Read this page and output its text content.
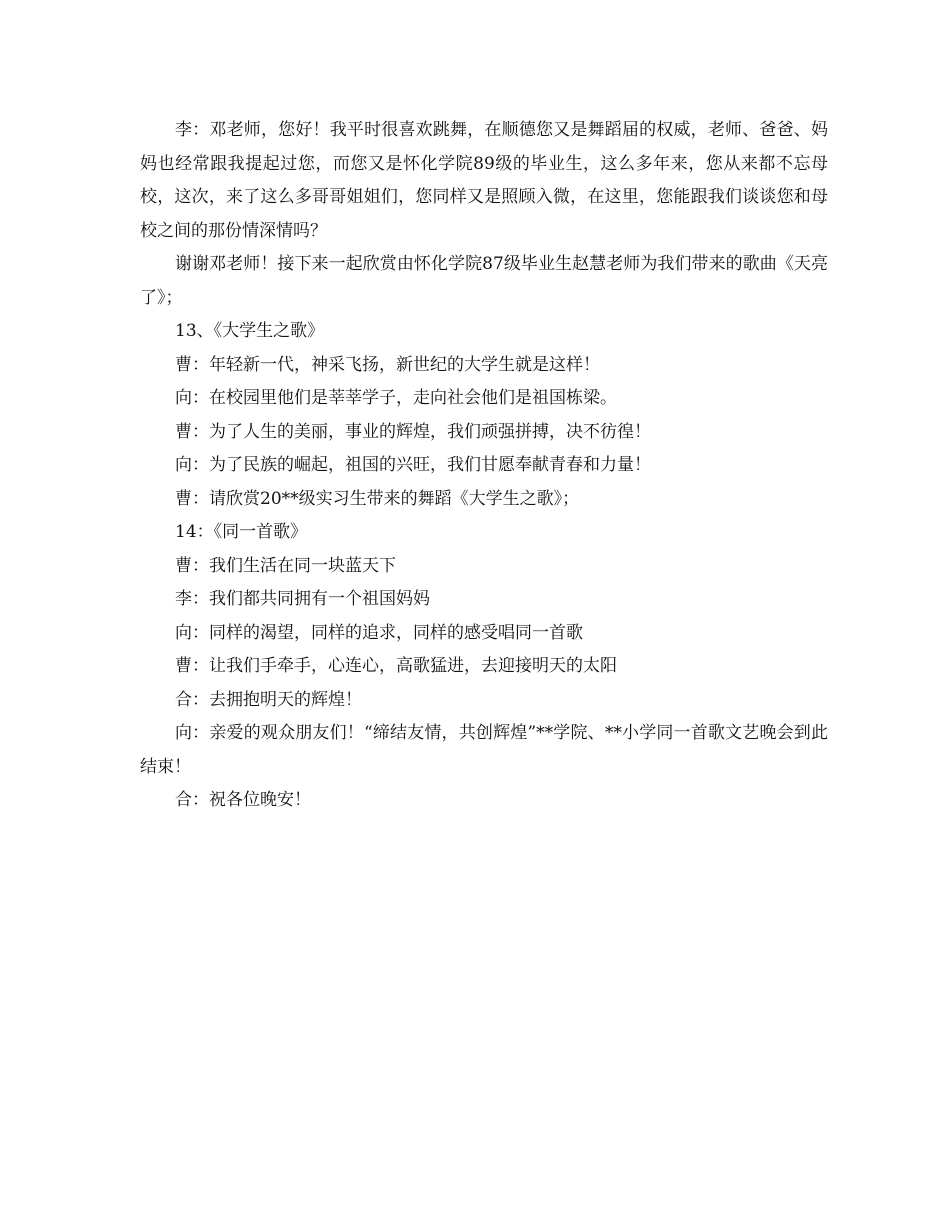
李：邓老师，您好！我平时很喜欢跳舞，在顺德您又是舞蹈届的权威，老师、爸爸、妈妈也经常跟我提起过您，而您又是怀化学院89级的毕业生，这么多年来，您从来都不忘母校，这次，来了这么多哥哥姐姐们，您同样又是照顾入微，在这里，您能跟我们谈谈您和母校之间的那份情深情吗？

谢谢邓老师！接下来一起欣赏由怀化学院87级毕业生赵慧老师为我们带来的歌曲《天亮了》；

13、《大学生之歌》

曹：年轻新一代，神采飞扬，新世纪的大学生就是这样！

向：在校园里他们是莘莘学子，走向社会他们是祖国栋梁。

曹：为了人生的美丽，事业的辉煌，我们顽强拼搏，决不彷徨！

向：为了民族的崛起，祖国的兴旺，我们甘愿奉献青春和力量！

曹：请欣赏20**级实习生带来的舞蹈《大学生之歌》；

14：《同一首歌》

曹：我们生活在同一块蓝天下

李：我们都共同拥有一个祖国妈妈

向：同样的渴望，同样的追求，同样的感受唱同一首歌

曹：让我们手牵手，心连心，高歌猛进，去迎接明天的太阳

合：去拥抱明天的辉煌！

向：亲爱的观众朋友们！“缔结友情，共创辉煌”**学院、**小学同一首歌文艺晚会到此结束！

合：祝各位晚安！
